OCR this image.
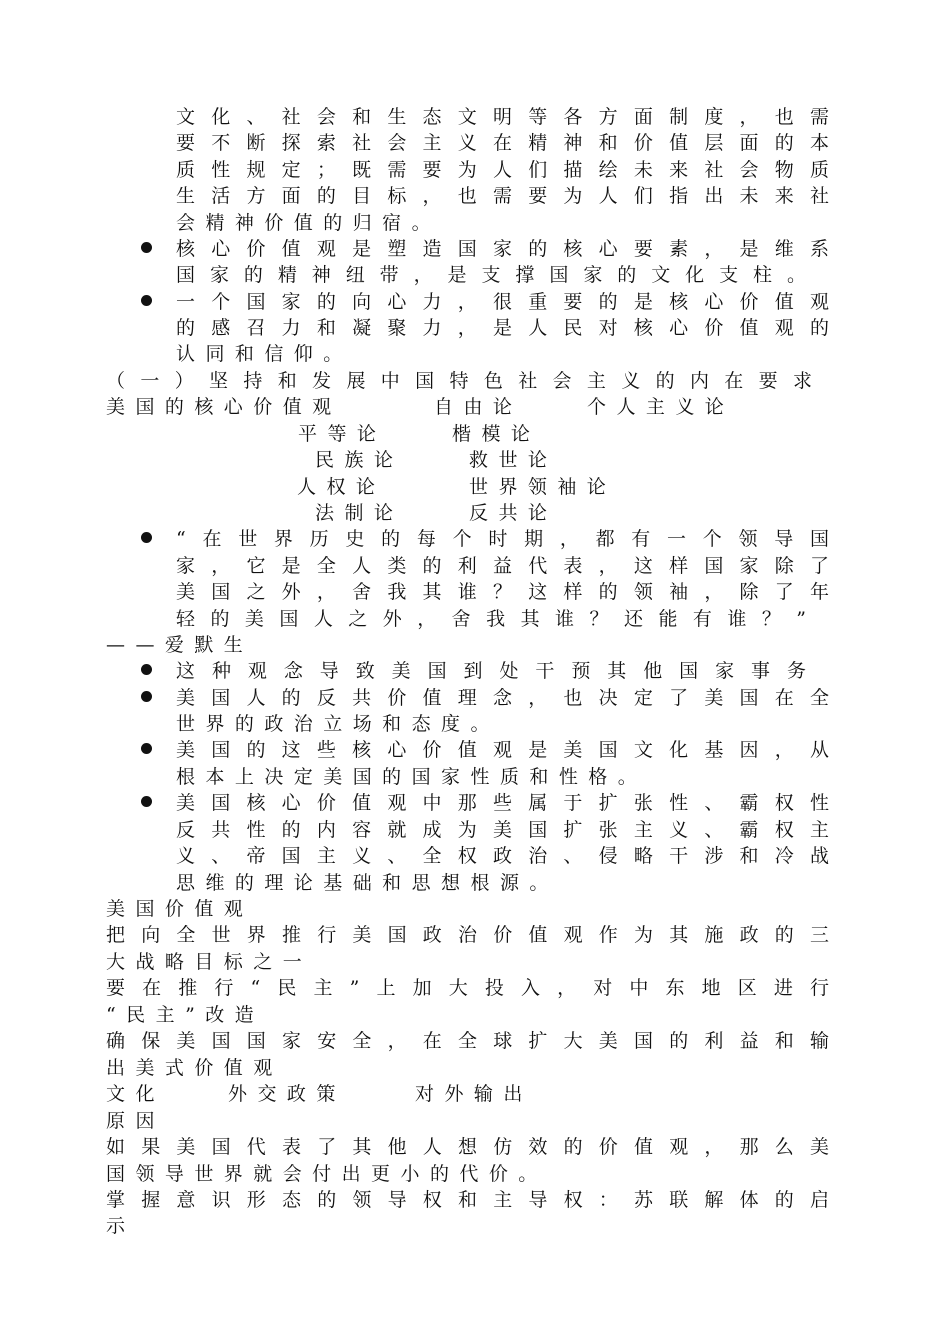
文化、社会和生态文明等各方面制度，也需
要不断探索社会主义在精神和价值层面的本
质性规定；既需要为人们描绘未来社会物质
生活方面的目标，也需要为人们指出未来社
会精神价值的归宿。
核心价值观是塑造国家的核心要素，是维系
国家的精神纽带，是支撑国家的文化支柱。
一个国家的向心力，很重要的是核心价值观
的感召力和凝聚力，是人民对核心价值观的
认同和信仰。
（一）坚持和发展中国特色社会主义的内在要求
美国的核心价值观	自由论	个人主义论
平等论	楷模论
民族论	救世论
人权论	世界领袖论
法制论	反共论
“在世界历史的每个时期，都有一个领导国
家，它是全人类的利益代表，这样国家除了
美国之外，舍我其谁？这样的领袖，除了年
轻的美国人之外，舍我其谁？还能有谁？”
——爱默生
这种观念导致美国到处干预其他国家事务
美国人的反共价值理念，也决定了美国在全
世界的政治立场和态度。
美国的这些核心价值观是美国文化基因，从
根本上决定美国的国家性质和性格。
美国核心价值观中那些属于扩张性、霸权性
反共性的内容就成为美国扩张主义、霸权主
义、帝国主义、全权政治、侵略干涉和冷战
思维的理论基础和思想根源。
美国价值观
把向全世界推行美国政治价值观作为其施政的三
大战略目标之一
要在推行“民主”上加大投入，对中东地区进行
“民主”改造
确保美国国家安全，在全球扩大美国的利益和输
出美式价值观
文化	外交政策	对外输出
原因
如果美国代表了其他人想仿效的价值观，那么美
国领导世界就会付出更小的代价。
掌握意识形态的领导权和主导权：苏联解体的启
示
